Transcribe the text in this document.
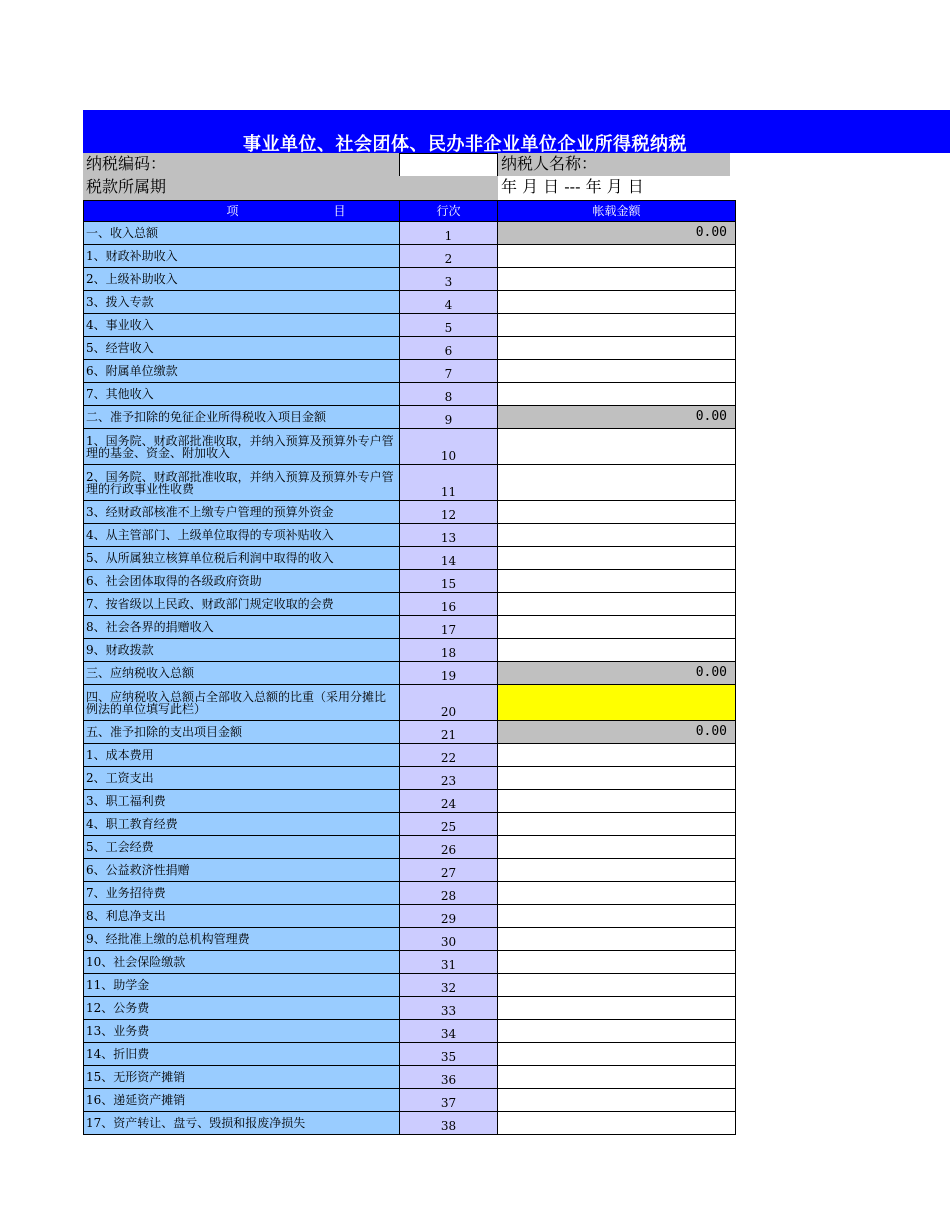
事业单位、社会团体、民办非企业单位企业所得税纳税
纳税编码：	纳税人名称：
税款所属期	年 月 日 --- 年 月 日
项 目	行次	帐载金额
一、收入总额	1	0.00
1、财政补助收入	2	
2、上级补助收入	3	
3、拨入专款	4	
4、事业收入	5	
5、经营收入	6	
6、附属单位缴款	7	
7、其他收入	8	
二、准予扣除的免征企业所得税收入项目金额	9	0.00
1、国务院、财政部批准收取，并纳入预算及预算外专户管理的基金、资金、附加收入	10	
2、国务院、财政部批准收取，并纳入预算及预算外专户管理的行政事业性收费	11	
3、经财政部核准不上缴专户管理的预算外资金	12	
4、从主管部门、上级单位取得的专项补贴收入	13	
5、从所属独立核算单位税后利润中取得的收入	14	
6、社会团体取得的各级政府资助	15	
7、按省级以上民政、财政部门规定收取的会费	16	
8、社会各界的捐赠收入	17	
9、财政拨款	18	
三、应纳税收入总额	19	0.00
四、应纳税收入总额占全部收入总额的比重（采用分摊比例法的单位填写此栏）	20	
五、准予扣除的支出项目金额	21	0.00
1、成本费用	22	
2、工资支出	23	
3、职工福利费	24	
4、职工教育经费	25	
5、工会经费	26	
6、公益救济性捐赠	27	
7、业务招待费	28	
8、利息净支出	29	
9、经批准上缴的总机构管理费	30	
10、社会保险缴款	31	
11、助学金	32	
12、公务费	33	
13、业务费	34	
14、折旧费	35	
15、无形资产摊销	36	
16、递延资产摊销	37	
17、资产转让、盘亏、毁损和报废净损失	38	
